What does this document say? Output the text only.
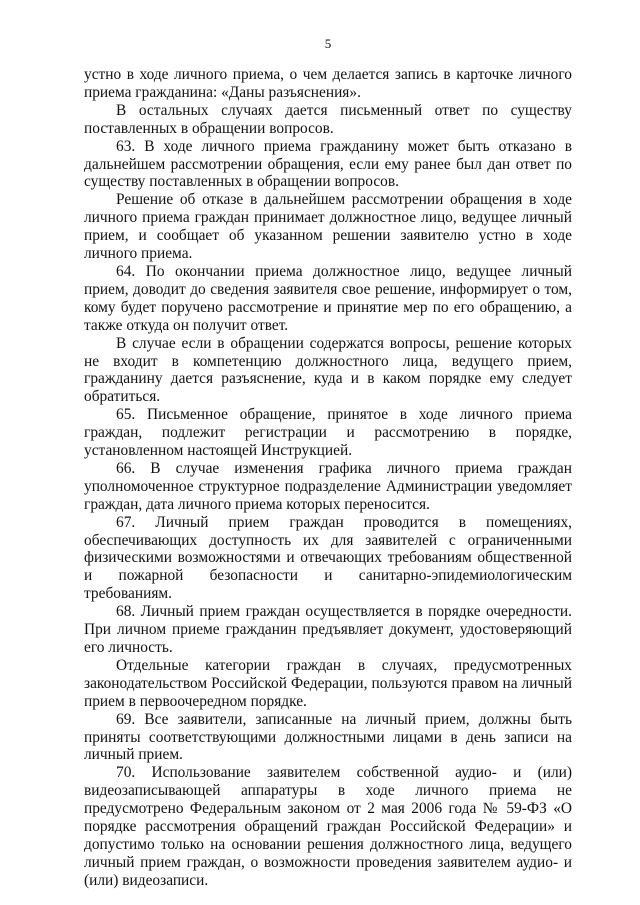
5

устно в ходе личного приема, о чем делается запись в карточке личного приема гражданина: «Даны разъяснения».

В остальных случаях дается письменный ответ по существу поставленных в обращении вопросов.

63. В ходе личного приема гражданину может быть отказано в дальнейшем рассмотрении обращения, если ему ранее был дан ответ по существу поставленных в обращении вопросов.

Решение об отказе в дальнейшем рассмотрении обращения в ходе личного приема граждан принимает должностное лицо, ведущее личный прием, и сообщает об указанном решении заявителю устно в ходе личного приема.

64. По окончании приема должностное лицо, ведущее личный прием, доводит до сведения заявителя свое решение, информирует о том, кому будет поручено рассмотрение и принятие мер по его обращению, а также откуда он получит ответ.

В случае если в обращении содержатся вопросы, решение которых не входит в компетенцию должностного лица, ведущего прием, гражданину дается разъяснение, куда и в каком порядке ему следует обратиться.

65. Письменное обращение, принятое в ходе личного приема граждан, подлежит регистрации и рассмотрению в порядке, установленном настоящей Инструкцией.

66. В случае изменения графика личного приема граждан уполномоченное структурное подразделение Администрации уведомляет граждан, дата личного приема которых переносится.

67. Личный прием граждан проводится в помещениях, обеспечивающих доступность их для заявителей с ограниченными физическими возможностями и отвечающих требованиям общественной и пожарной безопасности и санитарно-эпидемиологическим требованиям.

68. Личный прием граждан осуществляется в порядке очередности. При личном приеме гражданин предъявляет документ, удостоверяющий его личность.

Отдельные категории граждан в случаях, предусмотренных законодательством Российской Федерации, пользуются правом на личный прием в первоочередном порядке.

69. Все заявители, записанные на личный прием, должны быть приняты соответствующими должностными лицами в день записи на личный прием.

70. Использование заявителем собственной аудио- и (или) видеозаписывающей аппаратуры в ходе личного приема не предусмотрено Федеральным законом от 2 мая 2006 года № 59-ФЗ «О порядке рассмотрения обращений граждан Российской Федерации» и допустимо только на основании решения должностного лица, ведущего личный прием граждан, о возможности проведения заявителем аудио- и (или) видеозаписи.
